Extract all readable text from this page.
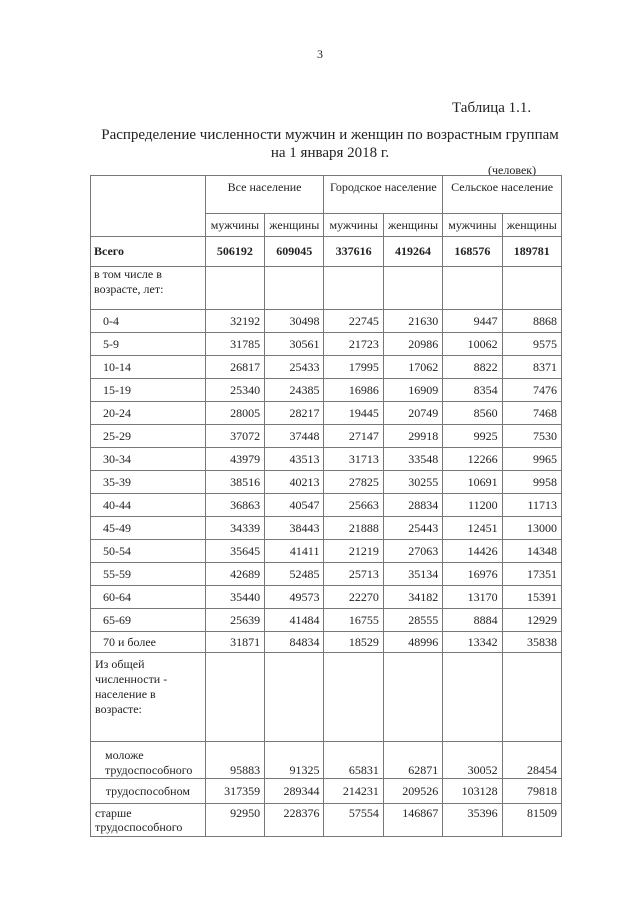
3
Таблица 1.1.
Распределение численности мужчин и женщин по возрастным группам
на 1 января 2018 г.
(человек)
	Все население		Городское население		Сельское население	
	мужчины	женщины	мужчины	женщины	мужчины	женщины
Всего	506192	609045	337616	419264	168576	189781
в том числе в возрасте, лет:						
0-4	32192	30498	22745	21630	9447	8868
5-9	31785	30561	21723	20986	10062	9575
10-14	26817	25433	17995	17062	8822	8371
15-19	25340	24385	16986	16909	8354	7476
20-24	28005	28217	19445	20749	8560	7468
25-29	37072	37448	27147	29918	9925	7530
30-34	43979	43513	31713	33548	12266	9965
35-39	38516	40213	27825	30255	10691	9958
40-44	36863	40547	25663	28834	11200	11713
45-49	34339	38443	21888	25443	12451	13000
50-54	35645	41411	21219	27063	14426	14348
55-59	42689	52485	25713	35134	16976	17351
60-64	35440	49573	22270	34182	13170	15391
65-69	25639	41484	16755	28555	8884	12929
70 и более	31871	84834	18529	48996	13342	35838
Из общей численности - население в возрасте:						
моложе трудоспособного	95883	91325	65831	62871	30052	28454
трудоспособном	317359	289344	214231	209526	103128	79818
старше трудоспособного	92950	228376	57554	146867	35396	81509
